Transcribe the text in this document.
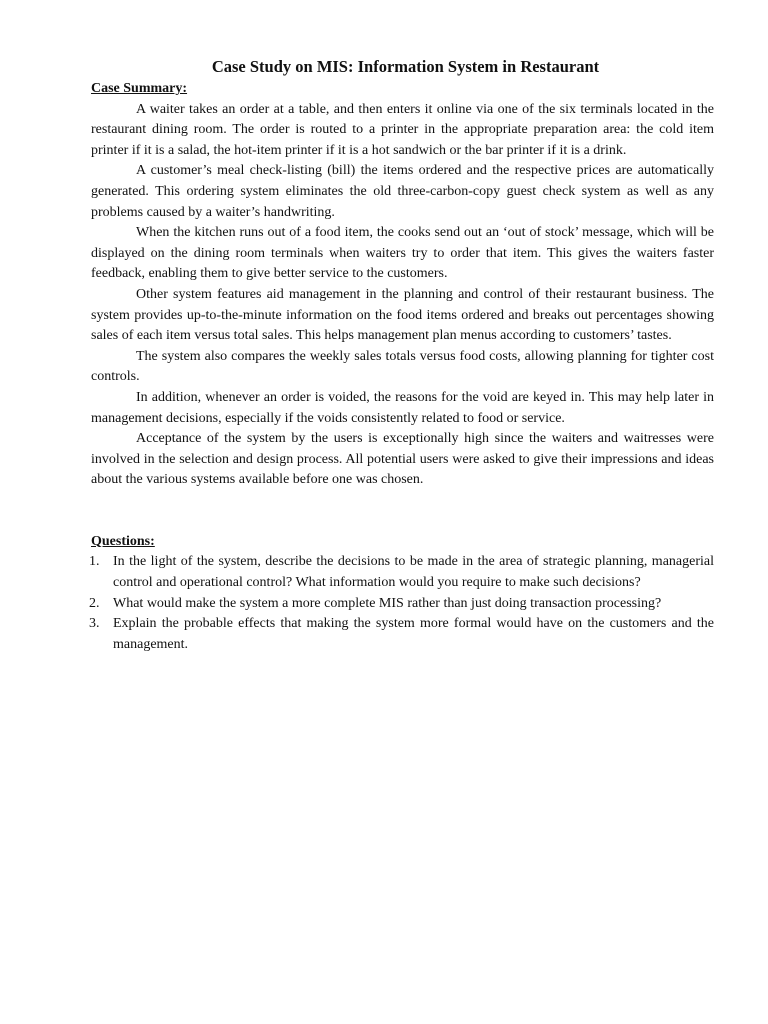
Case Study on MIS: Information System in Restaurant
Case Summary:

A waiter takes an order at a table, and then enters it online via one of the six terminals located in the restaurant dining room. The order is routed to a printer in the appropriate preparation area: the cold item printer if it is a salad, the hot-item printer if it is a hot sandwich or the bar printer if it is a drink.

A customer’s meal check-listing (bill) the items ordered and the respective prices are automatically generated. This ordering system eliminates the old three-carbon-copy guest check system as well as any problems caused by a waiter’s handwriting.

When the kitchen runs out of a food item, the cooks send out an ‘out of stock’ message, which will be displayed on the dining room terminals when waiters try to order that item. This gives the waiters faster feedback, enabling them to give better service to the customers.

Other system features aid management in the planning and control of their restaurant business. The system provides up-to-the-minute information on the food items ordered and breaks out percentages showing sales of each item versus total sales. This helps management plan menus according to customers’ tastes.

The system also compares the weekly sales totals versus food costs, allowing planning for tighter cost controls.

In addition, whenever an order is voided, the reasons for the void are keyed in. This may help later in management decisions, especially if the voids consistently related to food or service.

Acceptance of the system by the users is exceptionally high since the waiters and waitresses were involved in the selection and design process. All potential users were asked to give their impressions and ideas about the various systems available before one was chosen.

Questions:
1. In the light of the system, describe the decisions to be made in the area of strategic planning, managerial control and operational control? What information would you require to make such decisions?
2. What would make the system a more complete MIS rather than just doing transaction processing?
3. Explain the probable effects that making the system more formal would have on the customers and the management.
